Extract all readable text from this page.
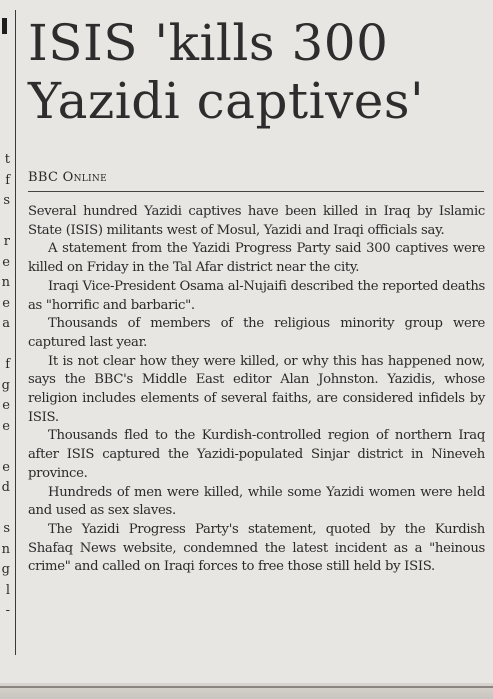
t
f
s
r
e
n
e
a
f
g
e
e
e
d
s
n
g
l
-
ISIS 'kills 300 Yazidi captives'
BBC Online

Several hundred Yazidi captives have been killed in Iraq by Islamic State (ISIS) militants west of Mosul, Yazidi and Iraqi officials say.

A statement from the Yazidi Progress Party said 300 captives were killed on Friday in the Tal Afar district near the city.

Iraqi Vice-President Osama al-Nujaifi described the reported deaths as "horrific and barbaric".

Thousands of members of the religious minority group were captured last year.

It is not clear how they were killed, or why this has happened now, says the BBC's Middle East editor Alan Johnston. Yazidis, whose religion includes elements of several faiths, are considered infidels by ISIS.

Thousands fled to the Kurdish-controlled region of northern Iraq after ISIS captured the Yazidi-populated Sinjar district in Nineveh province.

Hundreds of men were killed, while some Yazidi women were held and used as sex slaves.

The Yazidi Progress Party's statement, quoted by the Kurdish Shafaq News website, condemned the latest incident as a "heinous crime" and called on Iraqi forces to free those still held by ISIS.
